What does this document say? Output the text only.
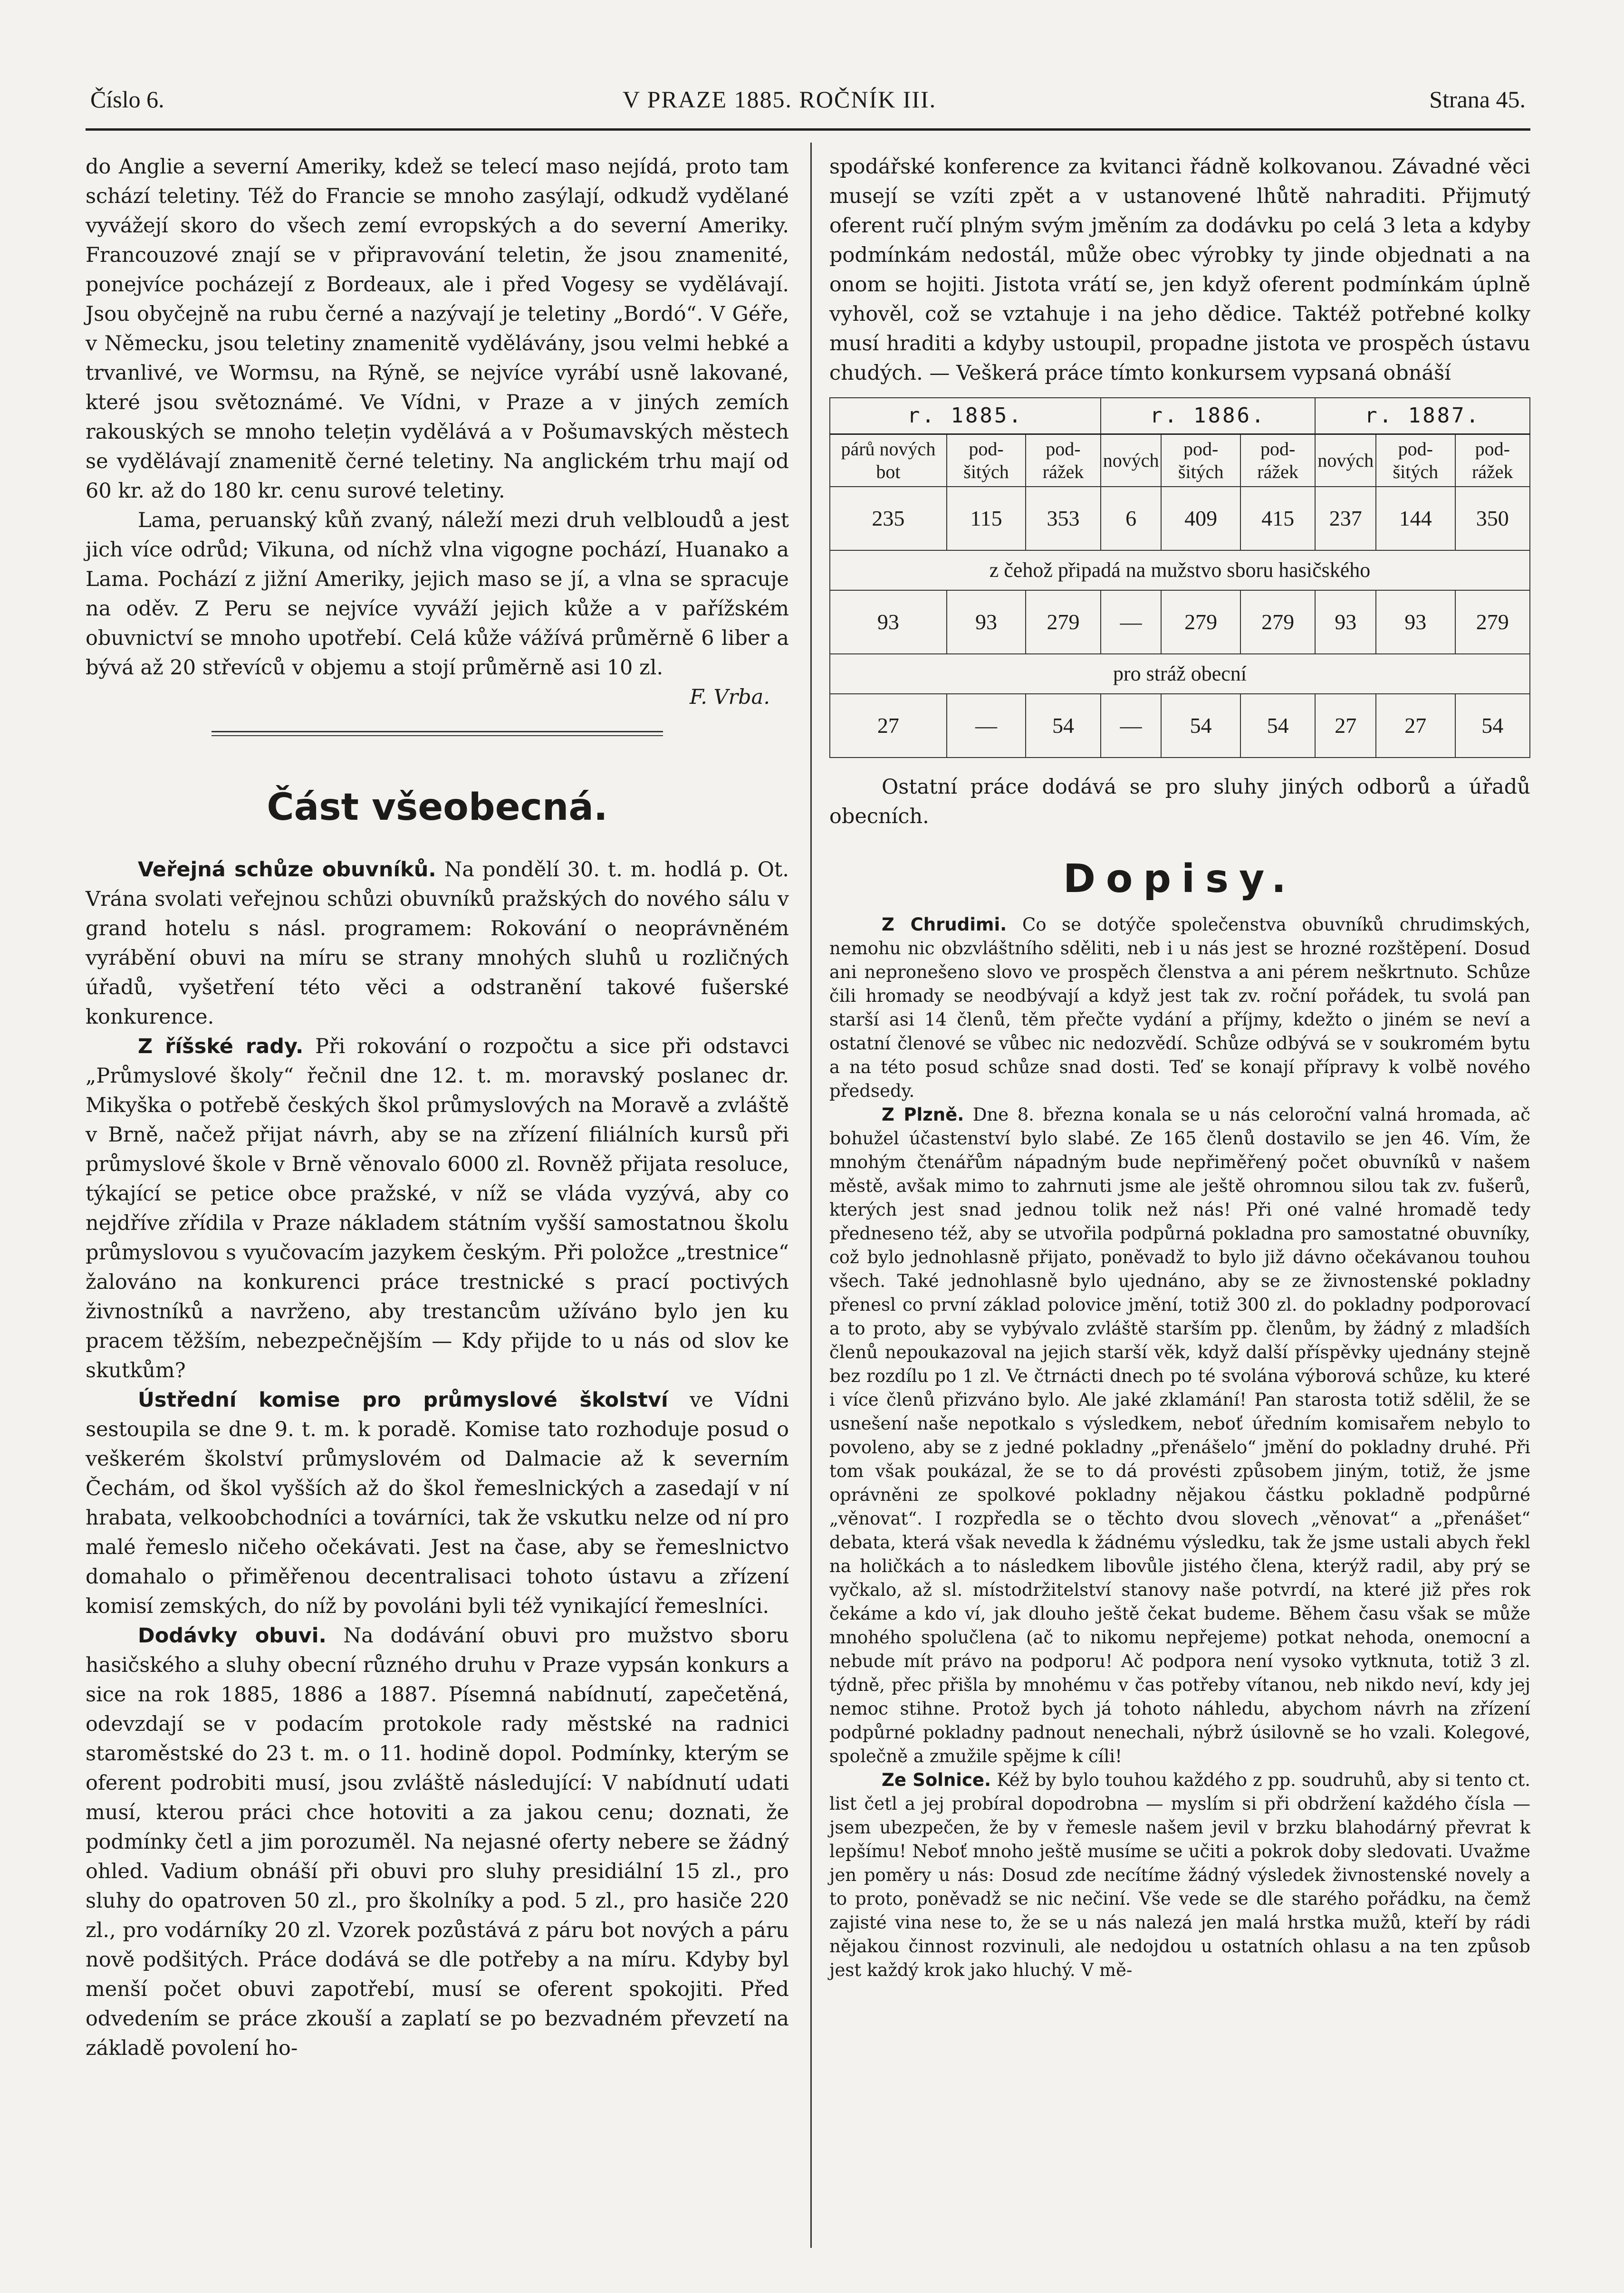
Číslo 6.	V PRAZE 1885. ROČNÍK III.	Strana 45.

do Anglie a severní Ameriky, kdež se telecí maso nejídá, proto tam schází teletiny. Též do Francie se mnoho zasýlají, odkudž vydělané vyvážejí skoro do všech zemí evropských a do severní Ameriky. Francouzové znají se v připravování teletin, že jsou znamenité, ponejvíce pocházejí z Bordeaux, ale i před Vogesy se vydělávají. Jsou obyčejně na rubu černé a nazývají je teletiny „Bordó“. V Géře, v Německu, jsou teletiny znamenitě vydělávány, jsou velmi hebké a trvanlivé, ve Wormsu, na Rýně, se nejvíce vyrábí usně lakované, které jsou světoznámé. Ve Vídni, v Praze a v jiných zemích rakouských se mnoho telețin vydělává a v Pošumavských městech se vydělávají znamenitě černé teletiny. Na anglickém trhu mají od 60 kr. až do 180 kr. cenu surové teletiny.

Lama, peruanský kůň zvaný, náleží mezi druh velbloudů a jest jich více odrůd; Vikuna, od níchž vlna vigogne pochází, Huanako a Lama. Pochází z jižní Ameriky, jejich maso se jí, a vlna se spracuje na oděv. Z Peru se nejvíce vyváží jejich kůže a v pařížském obuvnictví se mnoho upotřebí. Celá kůže vážívá průměrně 6 liber a bývá až 20 střevíců v objemu a stojí průměrně asi 10 zl.
F. Vrba.

Část všeobecná.

Veřejná schůze obuvníků. Na pondělí 30. t. m. hodlá p. Ot. Vrána svolati veřejnou schůzi obuvníků pražských do nového sálu v grand hotelu s násl. programem: Rokování o neoprávněném vyrábění obuvi na míru se strany mnohých sluhů u rozličných úřadů, vyšetření této věci a odstranění takové fušerské konkurence.

Z říšské rady. Při rokování o rozpočtu a sice při odstavci „Průmyslové školy“ řečnil dne 12. t. m. moravský poslanec dr. Mikyška o potřebě českých škol průmyslových na Moravě a zvláště v Brně, načež přijat návrh, aby se na zřízení filiálních kursů při průmyslové škole v Brně věnovalo 6000 zl. Rovněž přijata resoluce, týkající se petice obce pražské, v níž se vláda vyzývá, aby co nejdříve zřídila v Praze nákladem státním vyšší samostatnou školu průmyslovou s vyučovacím jazykem českým. Při položce „trestnice“ žalováno na konkurenci práce trestnické s prací poctivých živnostníků a navrženo, aby trestancům užíváno bylo jen ku pracem těžším, nebezpečnějším — Kdy přijde to u nás od slov ke skutkům?

Ústřední komise pro průmyslové školství ve Vídni sestoupila se dne 9. t. m. k poradě. Komise tato rozhoduje posud o veškerém školství průmyslovém od Dalmacie až k severním Čechám, od škol vyšších až do škol řemeslnických a zasedají v ní hrabata, velkoobchodníci a továrníci, tak že vskutku nelze od ní pro malé řemeslo ničeho očekávati. Jest na čase, aby se řemeslnictvo domahalo o přiměřenou decentralisaci tohoto ústavu a zřízení komisí zemských, do níž by povoláni byli též vynikající řemeslníci.

Dodávky obuvi. Na dodávání obuvi pro mužstvo sboru hasičského a sluhy obecní různého druhu v Praze vypsán konkurs a sice na rok 1885, 1886 a 1887. Písemná nabídnutí, zapečetěná, odevzdají se v podacím protokole rady městské na radnici staroměstské do 23 t. m. o 11. hodině dopol. Podmínky, kterým se oferent podrobiti musí, jsou zvláště následující: V nabídnutí udati musí, kterou práci chce hotoviti a za jakou cenu; doznati, že podmínky četl a jim porozuměl. Na nejasné oferty nebere se žádný ohled. Vadium obnáší při obuvi pro sluhy presidiální 15 zl., pro sluhy do opatroven 50 zl., pro školníky a pod. 5 zl., pro hasiče 220 zl., pro vodárníky 20 zl. Vzorek pozůstává z páru bot nových a páru nově podšitých. Práce dodává se dle potřeby a na míru. Kdyby byl menší počet obuvi zapotřebí, musí se oferent spokojiti. Před odvedením se práce zkouší a zaplatí se po bezvadném převzetí na základě povolení ho-

spodářské konference za kvitanci řádně kolkovanou. Závadné věci musejí se vzíti zpět a v ustanovené lhůtě nahraditi. Přijmutý oferent ručí plným svým jměním za dodávku po celá 3 leta a kdyby podmínkám nedostál, může obec výrobky ty jinde objednati a na onom se hojiti. Jistota vrátí se, jen když oferent podmínkám úplně vyhověl, což se vztahuje i na jeho dědice. Taktéž potřebné kolky musí hraditi a kdyby ustoupil, propadne jistota ve prospěch ústavu chudých. — Veškerá práce tímto konkursem vypsaná obnáší

r. 1885.			r. 1886.			r. 1887.		
párů nových bot	pod-šitých	pod-rážek	nových	pod-šitých	pod-rážek	nových	pod-šitých	pod-rážek
235	115	353	6	409	415	237	144	350
z čehož připadá na mužstvo sboru hasičského								
93	93	279	—	279	279	93	93	279
pro stráž obecní								
27	—	54	—	54	54	27	27	54

Ostatní práce dodává se pro sluhy jiných odborů a úřadů obecních.

Dopisy.

Z Chrudimi. Co se dotýče společenstva obuvníků chrudimských, nemohu nic obzvláštního sděliti, neb i u nás jest se hrozné rozštěpení. Dosud ani nepronešeno slovo ve prospěch členstva a ani pérem neškrtnuto. Schůze čili hromady se neodbývají a když jest tak zv. roční pořádek, tu svolá pan starší asi 14 členů, těm přečte vydání a příjmy, kdežto o jiném se neví a ostatní členové se vůbec nic nedozvědí. Schůze odbývá se v soukromém bytu a na této posud schůze snad dosti. Teď se konají přípravy k volbě nového předsedy.

Z Plzně. Dne 8. března konala se u nás celoroční valná hromada, ač bohužel účastenství bylo slabé. Ze 165 členů dostavilo se jen 46. Vím, že mnohým čtenářům nápadným bude nepřiměřený počet obuvníků v našem městě, avšak mimo to zahrnuti jsme ale ještě ohromnou silou tak zv. fušerů, kterých jest snad jednou tolik než nás! Při oné valné hromadě tedy předneseno též, aby se utvořila podpůrná pokladna pro samostatné obuvníky, což bylo jednohlasně přijato, poněvadž to bylo již dávno očekávanou touhou všech. Také jednohlasně bylo ujednáno, aby se ze živnostenské pokladny přenesl co první základ polovice jmění, totiž 300 zl. do pokladny podporovací a to proto, aby se vybývalo zvláště starším pp. členům, by žádný z mladších členů nepoukazoval na jejich starší věk, když další příspěvky ujednány stejně bez rozdílu po 1 zl. Ve čtrnácti dnech po té svolána výborová schůze, ku které i více členů přizváno bylo. Ale jaké zklamání! Pan starosta totiž sdělil, že se usnešení naše nepotkalo s výsledkem, neboť úředním komisařem nebylo to povoleno, aby se z jedné pokladny „přenášelo“ jmění do pokladny druhé. Při tom však poukázal, že se to dá provésti způsobem jiným, totiž, že jsme oprávněni ze spolkové pokladny nějakou částku pokladně podpůrné „věnovat“. I rozpředla se o těchto dvou slovech „věnovat“ a „přenášet“ debata, která však nevedla k žádnému výsledku, tak že jsme ustali abych řekl na holičkách a to následkem libovůle jistého člena, kterýž radil, aby prý se vyčkalo, až sl. místodržitelství stanovy naše potvrdí, na které již přes rok čekáme a kdo ví, jak dlouho ještě čekat budeme. Během času však se může mnohého spolučlena (ač to nikomu nepřejeme) potkat nehoda, onemocní a nebude mít právo na podporu! Ač podpora není vysoko vytknuta, totiž 3 zl. týdně, přec přišla by mnohému v čas potřeby vítanou, neb nikdo neví, kdy jej nemoc stihne. Protož bych já tohoto náhledu, abychom návrh na zřízení podpůrné pokladny padnout nenechali, nýbrž úsilovně se ho vzali. Kolegové, společně a zmužile spějme k cíli!

Ze Solnice. Kéž by bylo touhou každého z pp. soudruhů, aby si tento ct. list četl a jej probíral dopodrobna — myslím si při obdržení každého čísla — jsem ubezpečen, že by v řemesle našem jevil v brzku blahodárný převrat k lepšímu! Neboť mnoho ještě musíme se učiti a pokrok doby sledovati. Uvažme jen poměry u nás: Dosud zde necítíme žádný výsledek živnostenské novely a to proto, poněvadž se nic nečiní. Vše vede se dle starého pořádku, na čemž zajisté vina nese to, že se u nás nalezá jen malá hrstka mužů, kteří by rádi nějakou činnost rozvinuli, ale nedojdou u ostatních ohlasu a na ten způsob jest každý krok jako hluchý. V mě-
